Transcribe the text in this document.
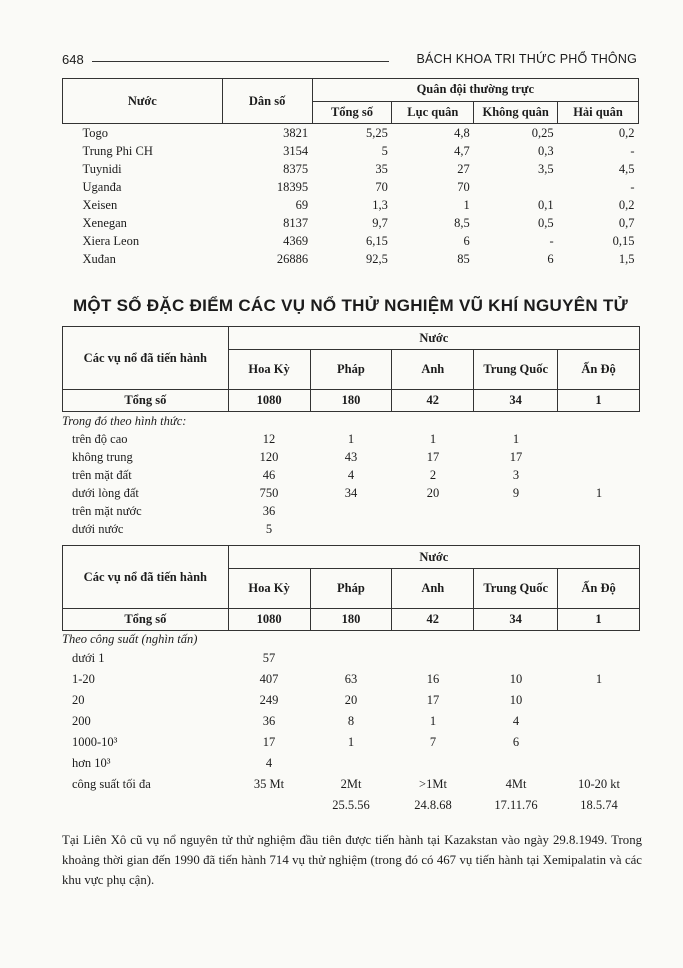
648	BÁCH KHOA TRI THỨC PHỔ THÔNG
Nước	Dân số	Quân đội thường trực			
		Tổng số	Lục quân	Không quân	Hải quân
Togo	3821	5,25	4,8	0,25	0,2
Trung Phi CH	3154	5	4,7	0,3	-
Tuynidi	8375	35	27	3,5	4,5
Uganđa	18395	70	70		-
Xeisen	69	1,3	1	0,1	0,2
Xenegan	8137	9,7	8,5	0,5	0,7
Xiera Leon	4369	6,15	6	-	0,15
Xuđan	26886	92,5	85	6	1,5
MỘT SỐ ĐẶC ĐIỂM CÁC VỤ NỔ THỬ NGHIỆM VŨ KHÍ NGUYÊN TỬ
Các vụ nổ đã tiến hành	Nước				
	Hoa Kỳ	Pháp	Anh	Trung Quốc	Ấn Độ
Tổng số	1080	180	42	34	1
Trong đó theo hình thức:					
trên độ cao	12	1	1	1	
không trung	120	43	17	17	
trên mặt đất	46	4	2	3	
dưới lòng đất	750	34	20	9	1
trên mặt nước	36				
dưới nước	5				
Các vụ nổ đã tiến hành	Nước				
	Hoa Kỳ	Pháp	Anh	Trung Quốc	Ấn Độ
Tổng số	1080	180	42	34	1
Theo công suất (nghìn tấn)					
dưới 1	57				
1-20	407	63	16	10	1
20	249	20	17	10	
200	36	8	1	4	
1000-10³	17	1	7	6	
hơn 10³	4				
công suất tối đa	35 Mt	2Mt	>1Mt	4Mt	10-20 kt
		25.5.56	24.8.68	17.11.76	18.5.74
Tại Liên Xô cũ vụ nổ nguyên tử thử nghiệm đầu tiên được tiến hành tại Kazakstan vào ngày 29.8.1949. Trong khoảng thời gian đến 1990 đã tiến hành 714 vụ thử nghiệm (trong đó có 467 vụ tiến hành tại Xemipalatin và các khu vực phụ cận).
